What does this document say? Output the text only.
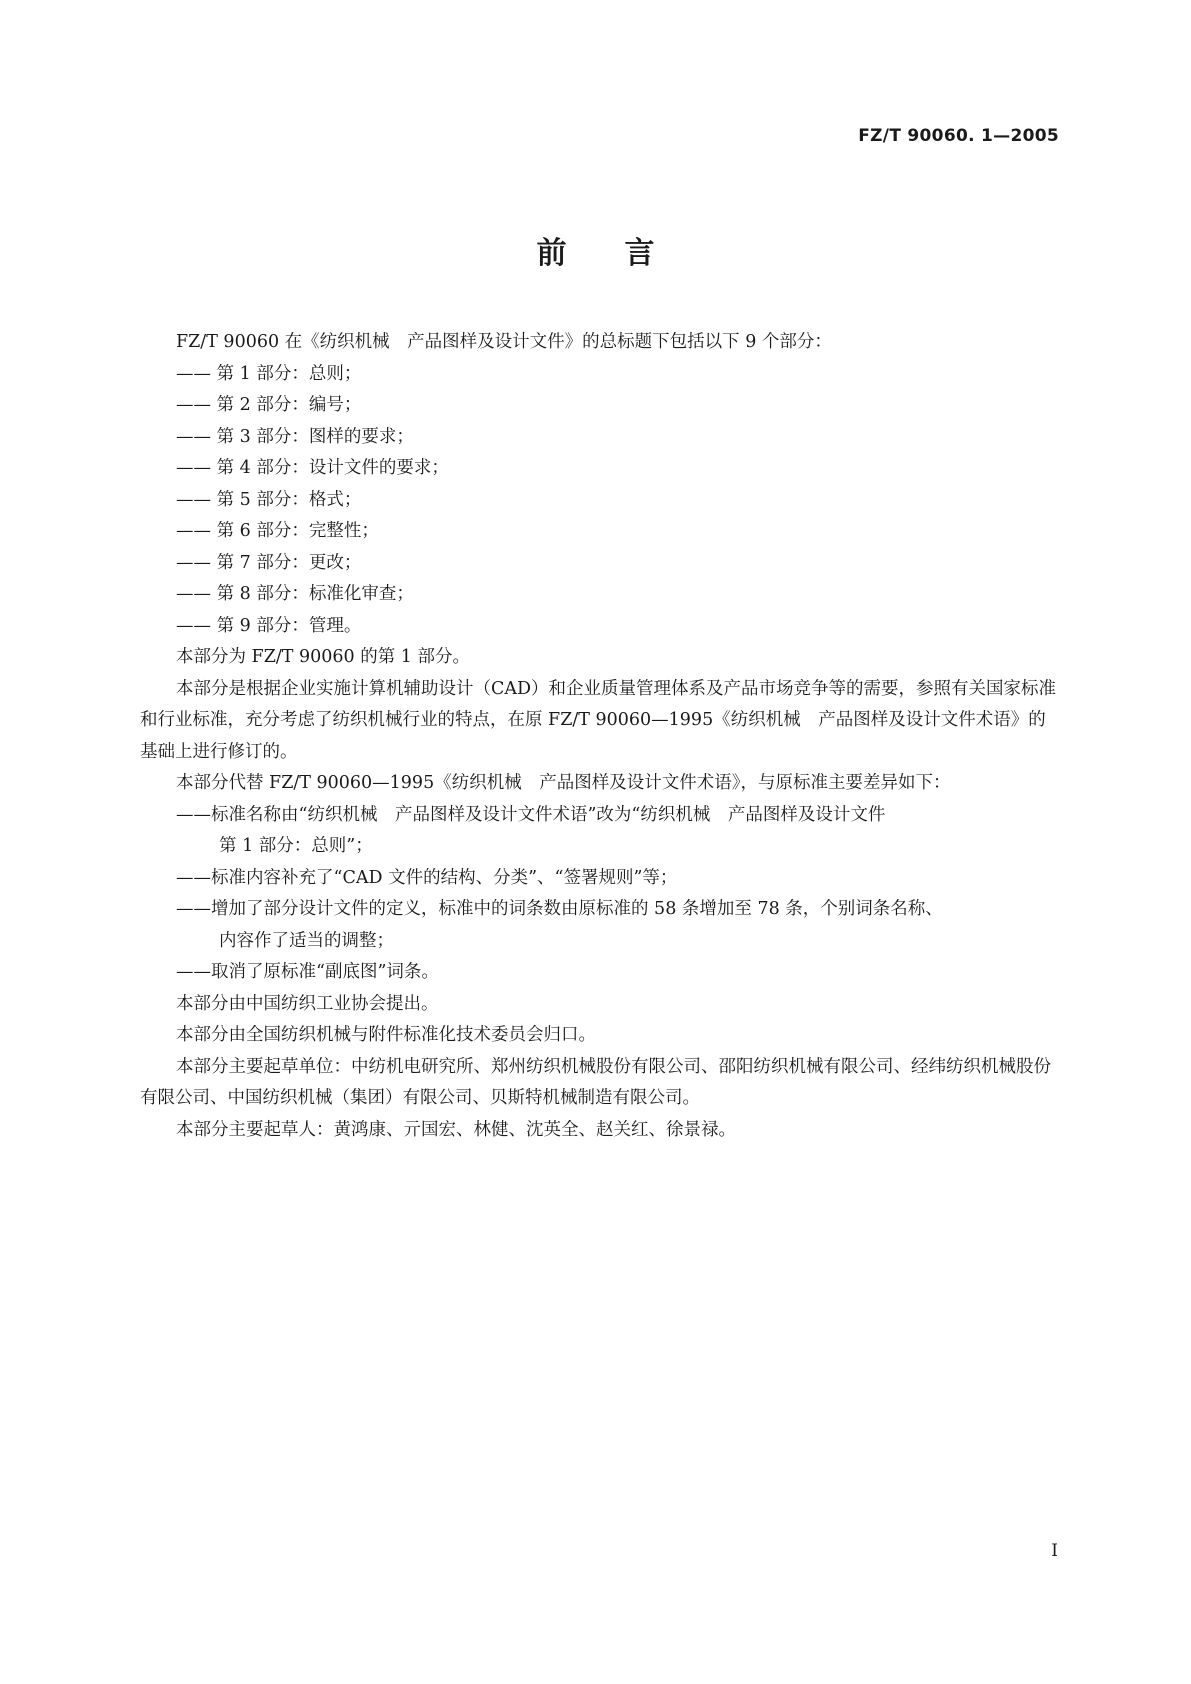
FZ/T 90060. 1—2005
前言

FZ/T 90060 在《纺织机械　产品图样及设计文件》的总标题下包括以下 9 个部分：

—— 第 1 部分：总则；

—— 第 2 部分：编号；

—— 第 3 部分：图样的要求；

—— 第 4 部分：设计文件的要求；

—— 第 5 部分：格式；

—— 第 6 部分：完整性；

—— 第 7 部分：更改；

—— 第 8 部分：标准化审查；

—— 第 9 部分：管理。

本部分为 FZ/T 90060 的第 1 部分。

本部分是根据企业实施计算机辅助设计（CAD）和企业质量管理体系及产品市场竞争等的需要，参照有关国家标准和行业标准，充分考虑了纺织机械行业的特点，在原 FZ/T 90060—1995《纺织机械　产品图样及设计文件术语》的基础上进行修订的。

本部分代替 FZ/T 90060—1995《纺织机械　产品图样及设计文件术语》，与原标准主要差异如下：

——标准名称由“纺织机械　产品图样及设计文件术语”改为“纺织机械　产品图样及设计文件
第 1 部分：总则”；

——标准内容补充了“CAD 文件的结构、分类”、“签署规则”等；

——增加了部分设计文件的定义，标准中的词条数由原标准的 58 条增加至 78 条，个别词条名称、
内容作了适当的调整；

——取消了原标准“副底图”词条。

本部分由中国纺织工业协会提出。

本部分由全国纺织机械与附件标准化技术委员会归口。

本部分主要起草单位：中纺机电研究所、郑州纺织机械股份有限公司、邵阳纺织机械有限公司、经纬纺织机械股份有限公司、中国纺织机械（集团）有限公司、贝斯特机械制造有限公司。

本部分主要起草人：黄鸿康、亓国宏、林健、沈英全、赵关红、徐景禄。

I
